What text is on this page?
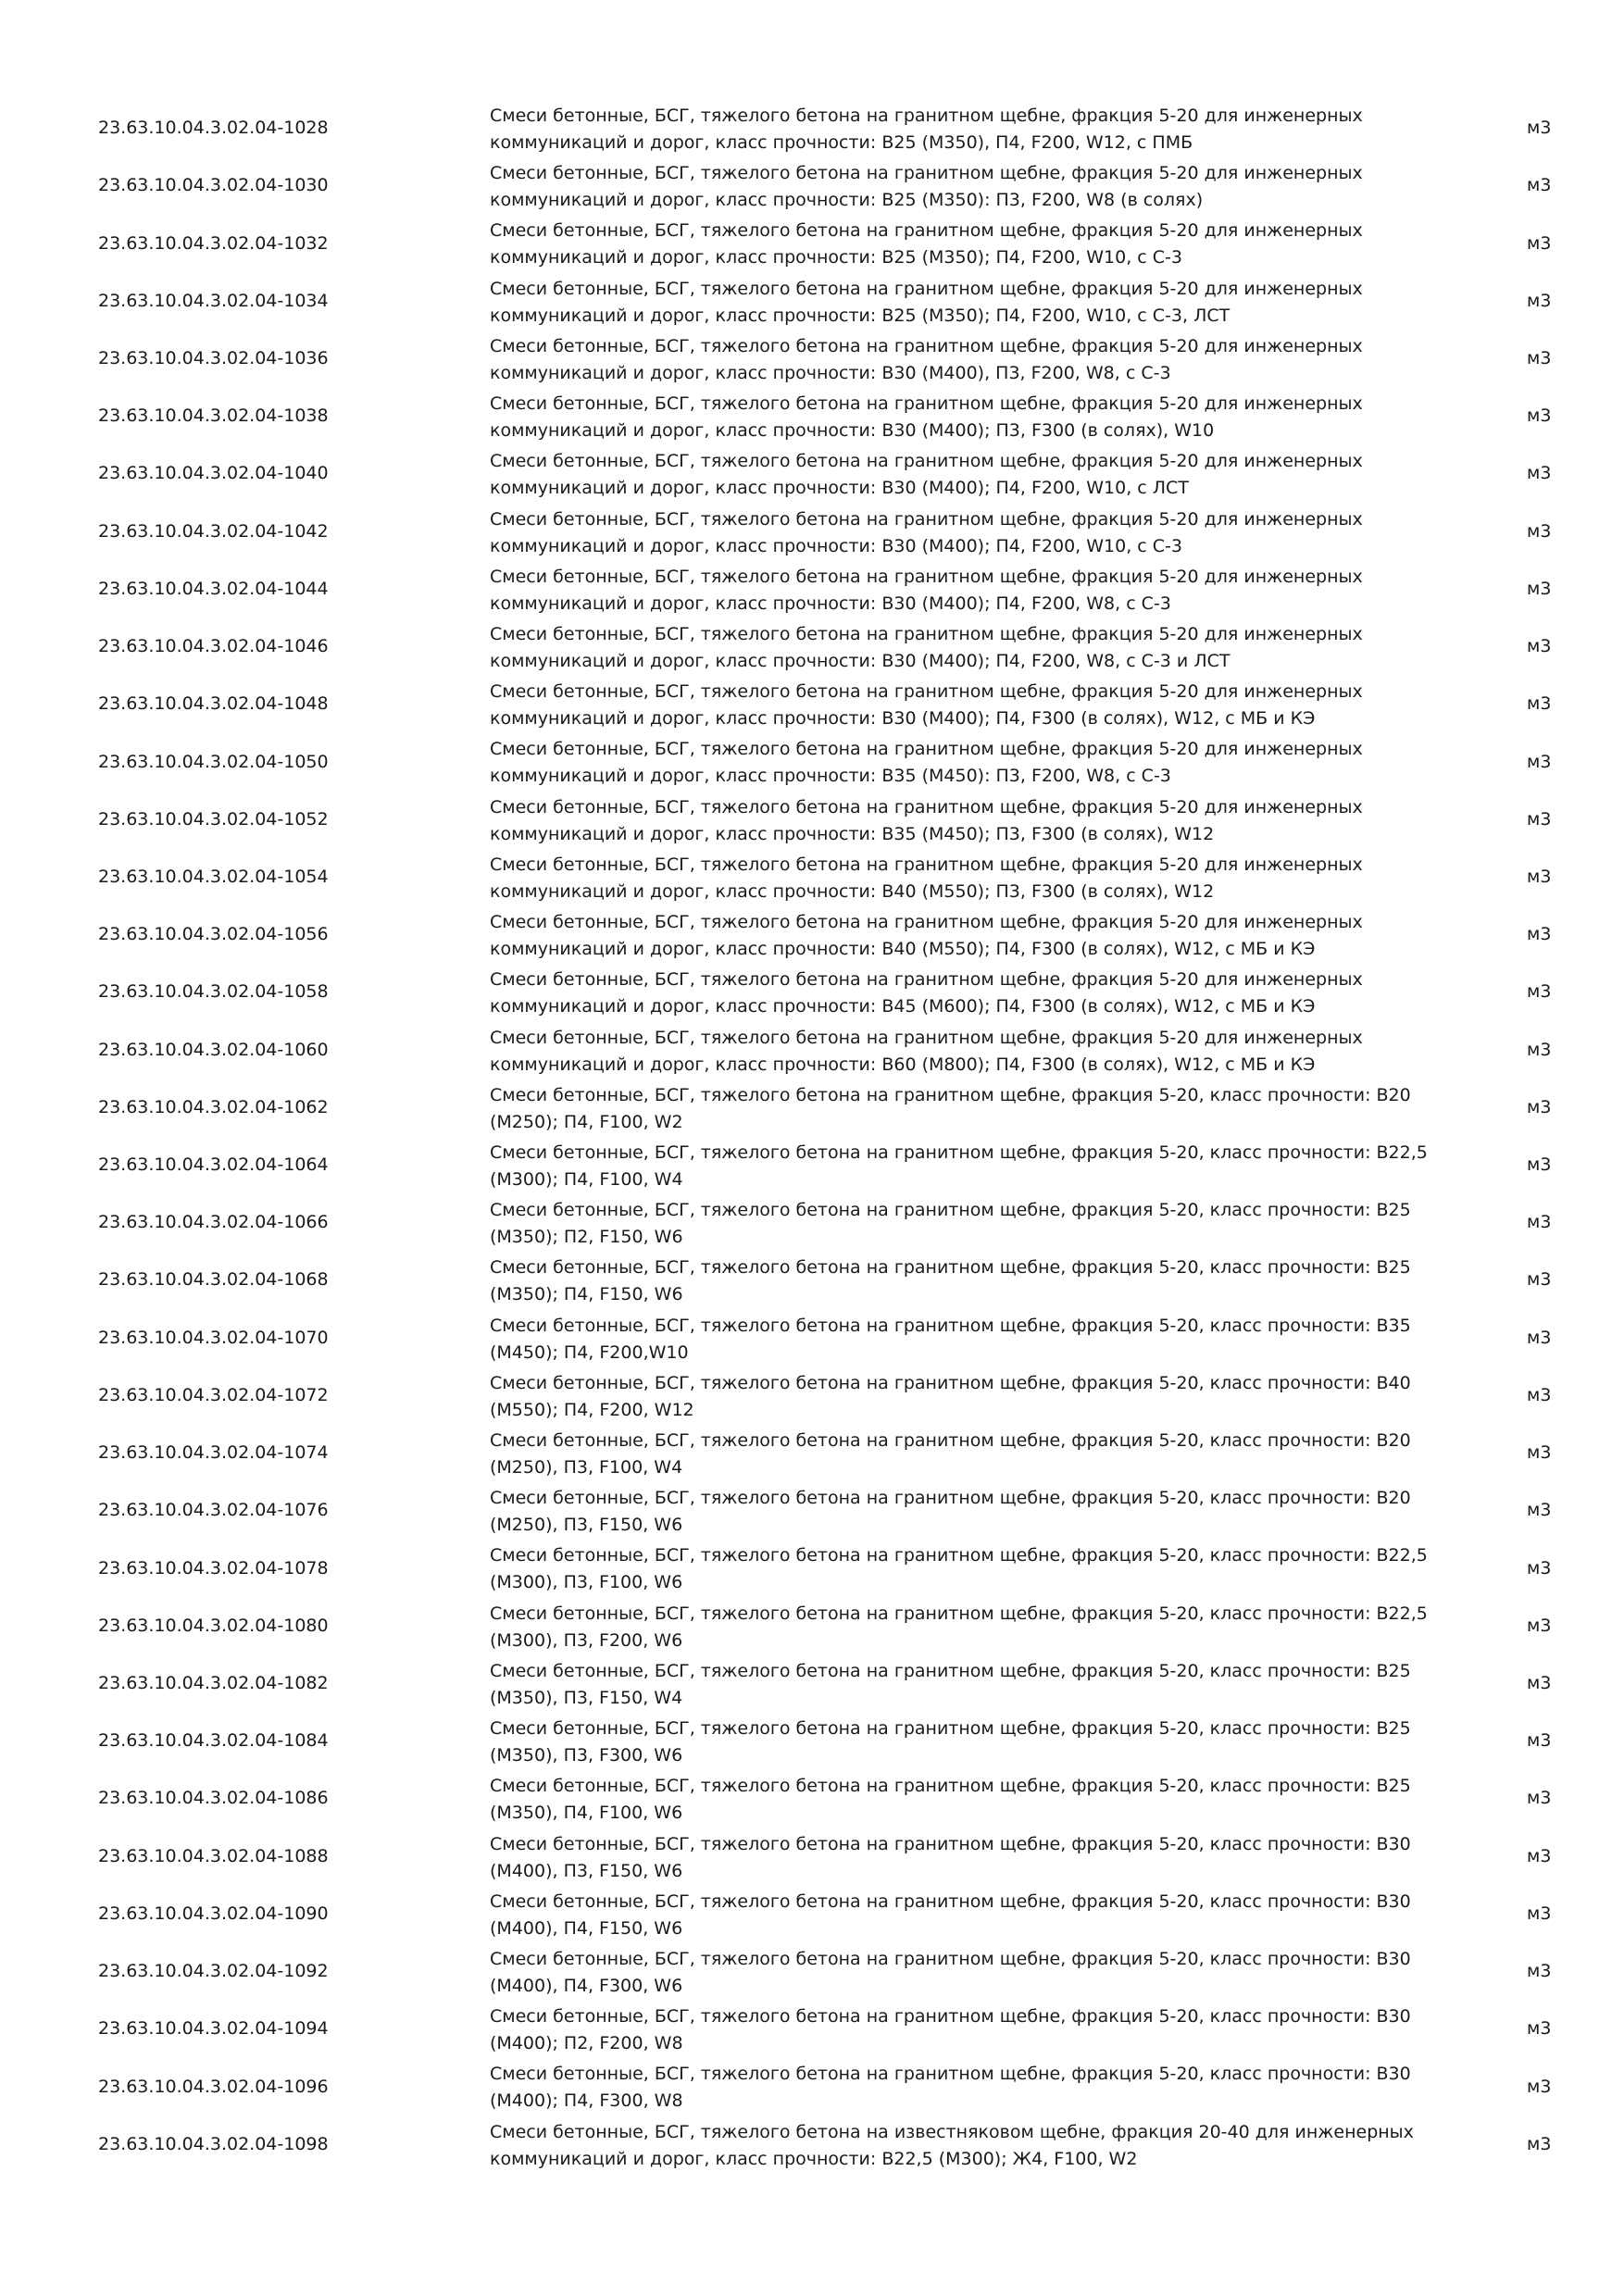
23.63.10.04.3.02.04-1028
Смеси бетонные, БСГ, тяжелого бетона на гранитном щебне, фракция 5-20 для инженерных
коммуникаций и дорог, класс прочности: В25 (М350), П4, F200, W12, с ПМБ
м3
23.63.10.04.3.02.04-1030
Смеси бетонные, БСГ, тяжелого бетона на гранитном щебне, фракция 5-20 для инженерных
коммуникаций и дорог, класс прочности: В25 (М350): П3, F200, W8 (в солях)
м3
23.63.10.04.3.02.04-1032
Смеси бетонные, БСГ, тяжелого бетона на гранитном щебне, фракция 5-20 для инженерных
коммуникаций и дорог, класс прочности: В25 (М350); П4, F200, W10, с С-3
м3
23.63.10.04.3.02.04-1034
Смеси бетонные, БСГ, тяжелого бетона на гранитном щебне, фракция 5-20 для инженерных
коммуникаций и дорог, класс прочности: В25 (М350); П4, F200, W10, с С-3, ЛСТ
м3
23.63.10.04.3.02.04-1036
Смеси бетонные, БСГ, тяжелого бетона на гранитном щебне, фракция 5-20 для инженерных
коммуникаций и дорог, класс прочности: В30 (М400), П3, F200, W8, с С-3
м3
23.63.10.04.3.02.04-1038
Смеси бетонные, БСГ, тяжелого бетона на гранитном щебне, фракция 5-20 для инженерных
коммуникаций и дорог, класс прочности: В30 (М400); П3, F300 (в солях), W10
м3
23.63.10.04.3.02.04-1040
Смеси бетонные, БСГ, тяжелого бетона на гранитном щебне, фракция 5-20 для инженерных
коммуникаций и дорог, класс прочности: В30 (М400); П4, F200, W10, с ЛСТ
м3
23.63.10.04.3.02.04-1042
Смеси бетонные, БСГ, тяжелого бетона на гранитном щебне, фракция 5-20 для инженерных
коммуникаций и дорог, класс прочности: В30 (М400); П4, F200, W10, с С-3
м3
23.63.10.04.3.02.04-1044
Смеси бетонные, БСГ, тяжелого бетона на гранитном щебне, фракция 5-20 для инженерных
коммуникаций и дорог, класс прочности: В30 (М400); П4, F200, W8, с С-3
м3
23.63.10.04.3.02.04-1046
Смеси бетонные, БСГ, тяжелого бетона на гранитном щебне, фракция 5-20 для инженерных
коммуникаций и дорог, класс прочности: В30 (М400); П4, F200, W8, с С-3 и ЛСТ
м3
23.63.10.04.3.02.04-1048
Смеси бетонные, БСГ, тяжелого бетона на гранитном щебне, фракция 5-20 для инженерных
коммуникаций и дорог, класс прочности: В30 (М400); П4, F300 (в солях), W12, с МБ и КЭ
м3
23.63.10.04.3.02.04-1050
Смеси бетонные, БСГ, тяжелого бетона на гранитном щебне, фракция 5-20 для инженерных
коммуникаций и дорог, класс прочности: В35 (М450): П3, F200, W8, с С-3
м3
23.63.10.04.3.02.04-1052
Смеси бетонные, БСГ, тяжелого бетона на гранитном щебне, фракция 5-20 для инженерных
коммуникаций и дорог, класс прочности: В35 (М450); П3, F300 (в солях), W12
м3
23.63.10.04.3.02.04-1054
Смеси бетонные, БСГ, тяжелого бетона на гранитном щебне, фракция 5-20 для инженерных
коммуникаций и дорог, класс прочности: В40 (М550); П3, F300 (в солях), W12
м3
23.63.10.04.3.02.04-1056
Смеси бетонные, БСГ, тяжелого бетона на гранитном щебне, фракция 5-20 для инженерных
коммуникаций и дорог, класс прочности: В40 (М550); П4, F300 (в солях), W12, с МБ и КЭ
м3
23.63.10.04.3.02.04-1058
Смеси бетонные, БСГ, тяжелого бетона на гранитном щебне, фракция 5-20 для инженерных
коммуникаций и дорог, класс прочности: В45 (М600); П4, F300 (в солях), W12, с МБ и КЭ
м3
23.63.10.04.3.02.04-1060
Смеси бетонные, БСГ, тяжелого бетона на гранитном щебне, фракция 5-20 для инженерных
коммуникаций и дорог, класс прочности: В60 (М800); П4, F300 (в солях), W12, с МБ и КЭ
м3
23.63.10.04.3.02.04-1062
Смеси бетонные, БСГ, тяжелого бетона на гранитном щебне, фракция 5-20, класс прочности: В20
(М250); П4, F100, W2
м3
23.63.10.04.3.02.04-1064
Смеси бетонные, БСГ, тяжелого бетона на гранитном щебне, фракция 5-20, класс прочности: В22,5
(М300); П4, F100, W4
м3
23.63.10.04.3.02.04-1066
Смеси бетонные, БСГ, тяжелого бетона на гранитном щебне, фракция 5-20, класс прочности: В25
(М350); П2, F150, W6
м3
23.63.10.04.3.02.04-1068
Смеси бетонные, БСГ, тяжелого бетона на гранитном щебне, фракция 5-20, класс прочности: В25
(М350); П4, F150, W6
м3
23.63.10.04.3.02.04-1070
Смеси бетонные, БСГ, тяжелого бетона на гранитном щебне, фракция 5-20, класс прочности: В35
(М450); П4, F200,W10
м3
23.63.10.04.3.02.04-1072
Смеси бетонные, БСГ, тяжелого бетона на гранитном щебне, фракция 5-20, класс прочности: В40
(М550); П4, F200, W12
м3
23.63.10.04.3.02.04-1074
Смеси бетонные, БСГ, тяжелого бетона на гранитном щебне, фракция 5-20, класс прочности: В20
(М250), П3, F100, W4
м3
23.63.10.04.3.02.04-1076
Смеси бетонные, БСГ, тяжелого бетона на гранитном щебне, фракция 5-20, класс прочности: В20
(М250), П3, F150, W6
м3
23.63.10.04.3.02.04-1078
Смеси бетонные, БСГ, тяжелого бетона на гранитном щебне, фракция 5-20, класс прочности: В22,5
(М300), П3, F100, W6
м3
23.63.10.04.3.02.04-1080
Смеси бетонные, БСГ, тяжелого бетона на гранитном щебне, фракция 5-20, класс прочности: В22,5
(М300), П3, F200, W6
м3
23.63.10.04.3.02.04-1082
Смеси бетонные, БСГ, тяжелого бетона на гранитном щебне, фракция 5-20, класс прочности: В25
(М350), П3, F150, W4
м3
23.63.10.04.3.02.04-1084
Смеси бетонные, БСГ, тяжелого бетона на гранитном щебне, фракция 5-20, класс прочности: В25
(М350), П3, F300, W6
м3
23.63.10.04.3.02.04-1086
Смеси бетонные, БСГ, тяжелого бетона на гранитном щебне, фракция 5-20, класс прочности: В25
(М350), П4, F100, W6
м3
23.63.10.04.3.02.04-1088
Смеси бетонные, БСГ, тяжелого бетона на гранитном щебне, фракция 5-20, класс прочности: В30
(М400), П3, F150, W6
м3
23.63.10.04.3.02.04-1090
Смеси бетонные, БСГ, тяжелого бетона на гранитном щебне, фракция 5-20, класс прочности: В30
(М400), П4, F150, W6
м3
23.63.10.04.3.02.04-1092
Смеси бетонные, БСГ, тяжелого бетона на гранитном щебне, фракция 5-20, класс прочности: В30
(М400), П4, F300, W6
м3
23.63.10.04.3.02.04-1094
Смеси бетонные, БСГ, тяжелого бетона на гранитном щебне, фракция 5-20, класс прочности: В30
(М400); П2, F200, W8
м3
23.63.10.04.3.02.04-1096
Смеси бетонные, БСГ, тяжелого бетона на гранитном щебне, фракция 5-20, класс прочности: В30
(М400); П4, F300, W8
м3
23.63.10.04.3.02.04-1098
Смеси бетонные, БСГ, тяжелого бетона на известняковом щебне, фракция 20-40 для инженерных
коммуникаций и дорог, класс прочности: В22,5 (М300); Ж4, F100, W2
м3
